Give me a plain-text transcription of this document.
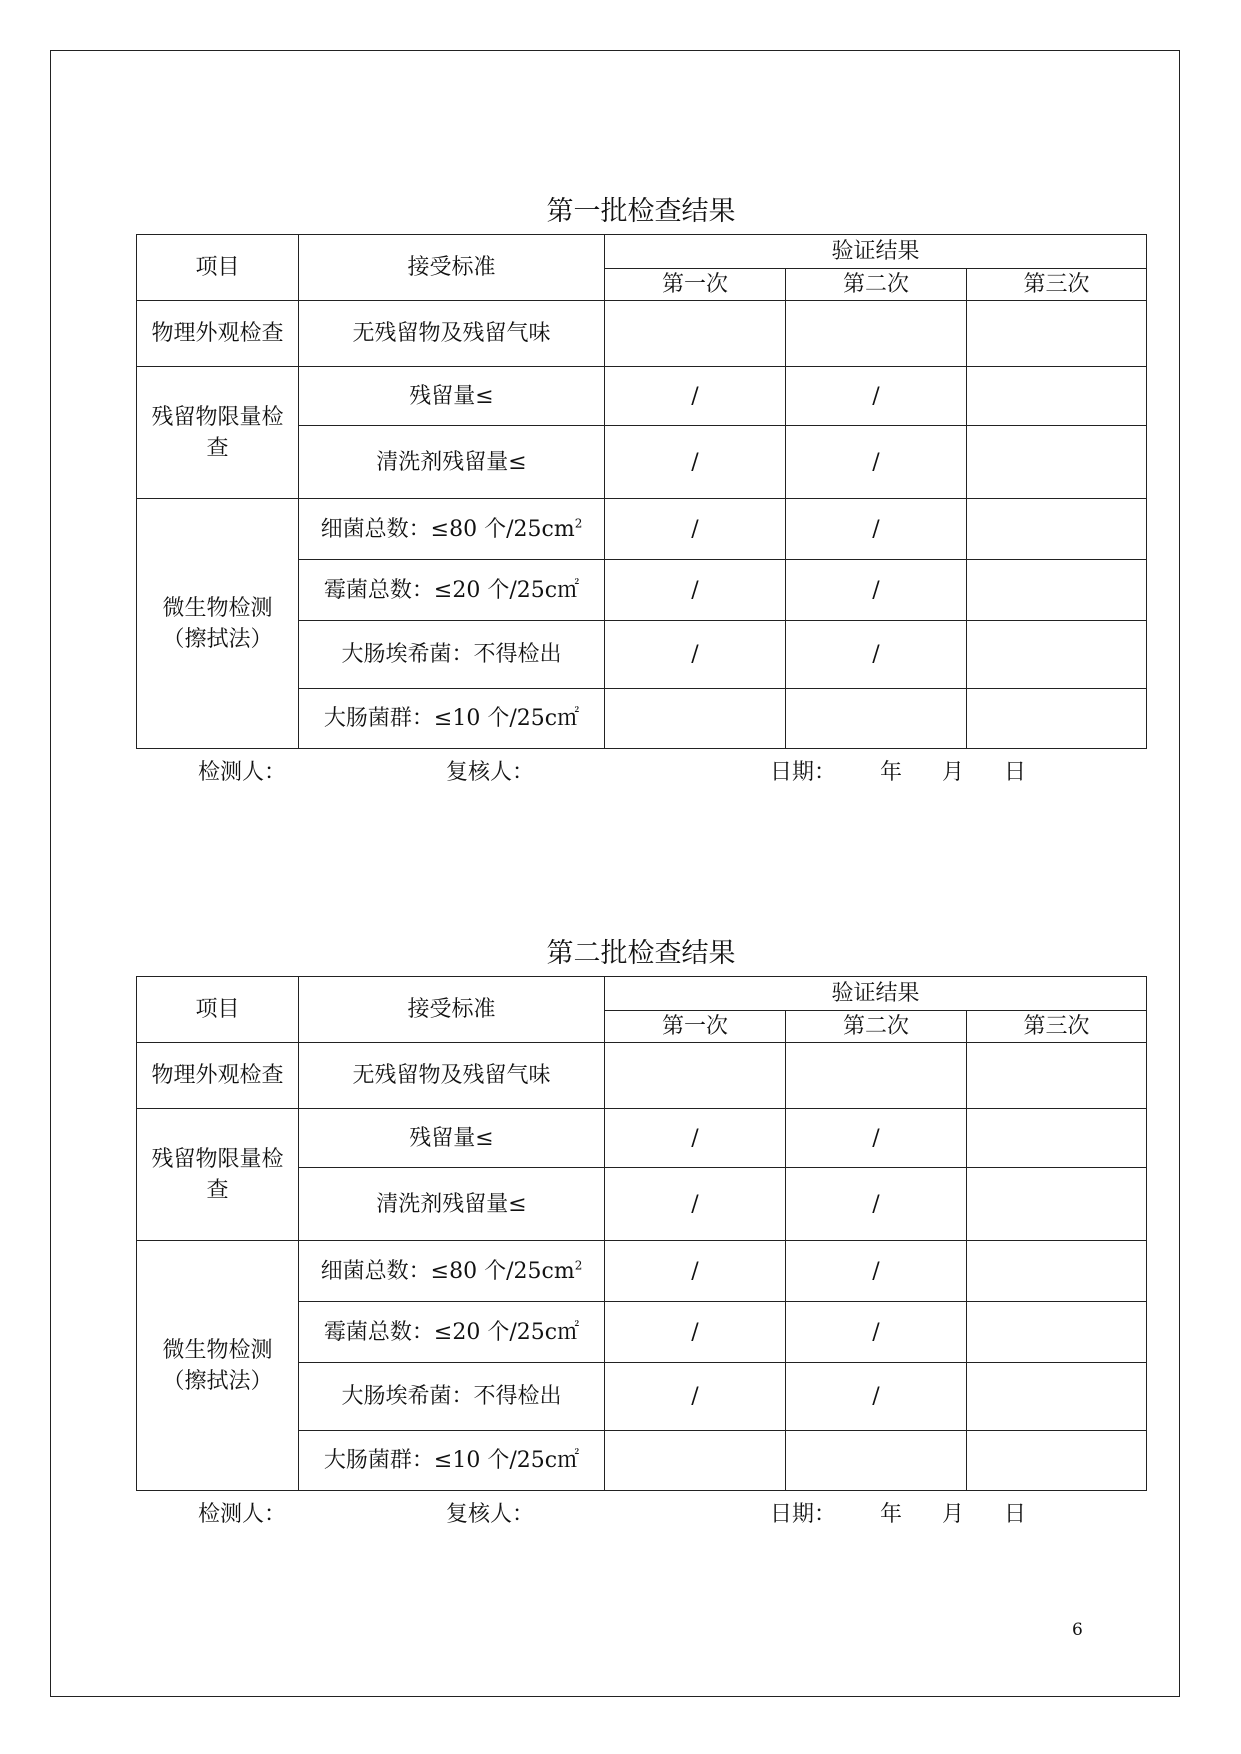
第一批检查结果
项目	接受标准	验证结果		
		第一次	第二次	第三次
物理外观检查	无残留物及残留气味			
残留物限量检查	残留量≤	/	/	
	清洗剂残留量≤	/	/	
微生物检测（擦拭法）	细菌总数：≤80 个$/25cm^2$	/	/	
	霉菌总数：≤20 个/25c㎡	/	/	
	大肠埃希菌：不得检出	/	/	
	大肠菌群：≤10 个/25c㎡			
检测人：	复核人：	日期： 年 月 日
第二批检查结果
项目	接受标准	验证结果		
		第一次	第二次	第三次
物理外观检查	无残留物及残留气味			
残留物限量检查	残留量≤	/	/	
	清洗剂残留量≤	/	/	
微生物检测（擦拭法）	细菌总数：≤80 个$/25cm^2$	/	/	
	霉菌总数：≤20 个/25c㎡	/	/	
	大肠埃希菌：不得检出	/	/	
	大肠菌群：≤10 个/25c㎡			
检测人：	复核人：	日期： 年 月 日
6
